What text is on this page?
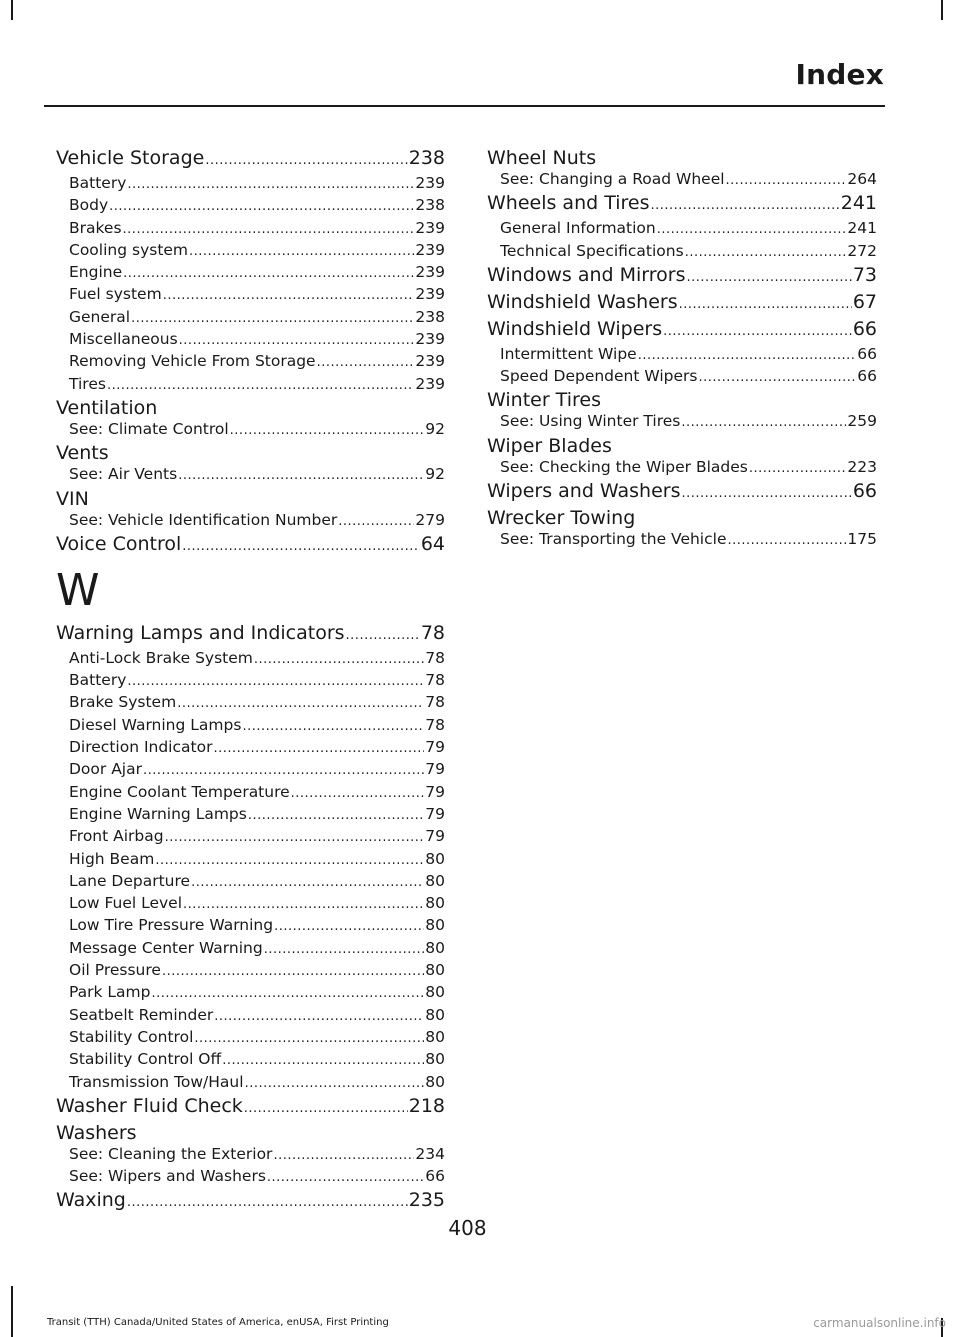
Index
Vehicle Storage .....	238
Battery .....	239
Body .....	238
Brakes .....	239
Cooling system .....	239
Engine .....	239
Fuel system .....	239
General .....	238
Miscellaneous .....	239
Removing Vehicle From Storage .....	239
Tires .....	239
Ventilation
See: Climate Control .....	92
Vents
See: Air Vents .....	92
VIN
See: Vehicle Identification Number .....	279
Voice Control .....	64
W
Warning Lamps and Indicators .....	78
Anti-Lock Brake System .....	78
Battery .....	78
Brake System .....	78
Diesel Warning Lamps .....	78
Direction Indicator .....	79
Door Ajar .....	79
Engine Coolant Temperature .....	79
Engine Warning Lamps .....	79
Front Airbag .....	79
High Beam .....	80
Lane Departure .....	80
Low Fuel Level .....	80
Low Tire Pressure Warning .....	80
Message Center Warning .....	80
Oil Pressure .....	80
Park Lamp .....	80
Seatbelt Reminder .....	80
Stability Control .....	80
Stability Control Off .....	80
Transmission Tow/Haul .....	80
Washer Fluid Check .....	218
Washers
See: Cleaning the Exterior .....	234
See: Wipers and Washers .....	66
Waxing .....	235
Wheel Nuts
See: Changing a Road Wheel .....	264
Wheels and Tires .....	241
General Information .....	241
Technical Specifications .....	272
Windows and Mirrors .....	73
Windshield Washers .....	67
Windshield Wipers .....	66
Intermittent Wipe .....	66
Speed Dependent Wipers .....	66
Winter Tires
See: Using Winter Tires .....	259
Wiper Blades
See: Checking the Wiper Blades .....	223
Wipers and Washers .....	66
Wrecker Towing
See: Transporting the Vehicle .....	175
408
Transit (TTH) Canada/United States of America, enUSA, First Printing	carmanualsonline.info
